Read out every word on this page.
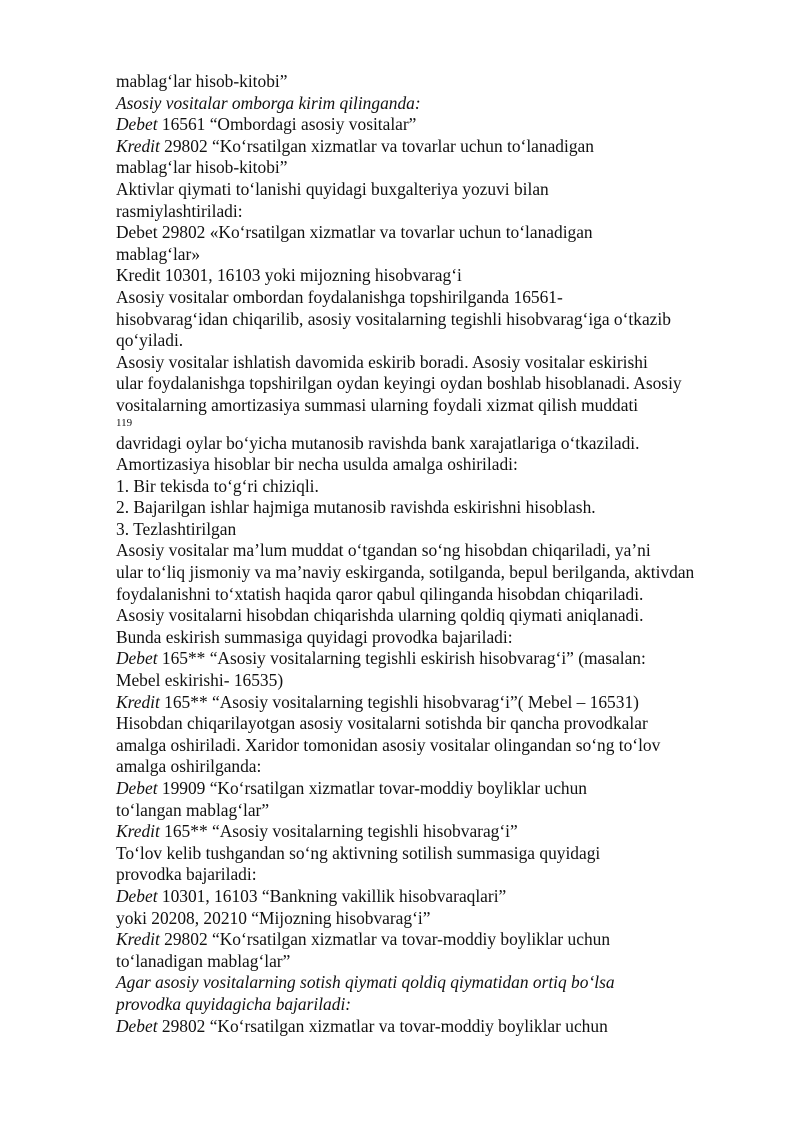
mablag‘lar hisob-kitobi”
Asosiy vositalar omborga kirim qilinganda:
Debet 16561 “Ombordagi asosiy vositalar”
Kredit 29802 “Ko‘rsatilgan xizmatlar va tovarlar uchun to‘lanadigan
mablag‘lar hisob-kitobi”
Aktivlar qiymati to‘lanishi quyidagi buxgalteriya yozuvi bilan
rasmiylashtiriladi:
Debet 29802 «Ko‘rsatilgan xizmatlar va tovarlar uchun to‘lanadigan
mablag‘lar»
Kredit 10301, 16103 yoki mijozning hisobvarag‘i
Asosiy vositalar ombordan foydalanishga topshirilganda 16561-
hisobvarag‘idan chiqarilib, asosiy vositalarning tegishli hisobvarag‘iga o‘tkazib
qo‘yiladi.
Asosiy vositalar ishlatish davomida eskirib boradi. Asosiy vositalar eskirishi
ular foydalanishga topshirilgan oydan keyingi oydan boshlab hisoblanadi. Asosiy
vositalarning amortizasiya summasi ularning foydali xizmat qilish muddati
119
davridagi oylar bo‘yicha mutanosib ravishda bank xarajatlariga o‘tkaziladi.
Amortizasiya hisoblar bir necha usulda amalga oshiriladi:
1. Bir tekisda to‘g‘ri chiziqli.
2. Bajarilgan ishlar hajmiga mutanosib ravishda eskirishni hisoblash.
3. Tezlashtirilgan
Asosiy vositalar ma’lum muddat o‘tgandan so‘ng hisobdan chiqariladi, ya’ni
ular to‘liq jismoniy va ma’naviy eskirganda, sotilganda, bepul berilganda, aktivdan
foydalanishni to‘xtatish haqida qaror qabul qilinganda hisobdan chiqariladi.
Asosiy vositalarni hisobdan chiqarishda ularning qoldiq qiymati aniqlanadi.
Bunda eskirish summasiga quyidagi provodka bajariladi:
Debet 165** “Asosiy vositalarning tegishli eskirish hisobvarag‘i” (masalan:
Mebel eskirishi- 16535)
Kredit 165** “Asosiy vositalarning tegishli hisobvarag‘i”( Mebel – 16531)
Hisobdan chiqarilayotgan asosiy vositalarni sotishda bir qancha provodkalar
amalga oshiriladi. Xaridor tomonidan asosiy vositalar olingandan so‘ng to‘lov
amalga oshirilganda:
Debet 19909 “Ko‘rsatilgan xizmatlar tovar-moddiy boyliklar uchun
to‘langan mablag‘lar”
Kredit 165** “Asosiy vositalarning tegishli hisobvarag‘i”
To‘lov kelib tushgandan so‘ng aktivning sotilish summasiga quyidagi
provodka bajariladi:
Debet 10301, 16103 “Bankning vakillik hisobvaraqlari”
yoki 20208, 20210 “Mijozning hisobvarag‘i”
Kredit 29802 “Ko‘rsatilgan xizmatlar va tovar-moddiy boyliklar uchun
to‘lanadigan mablag‘lar”
Agar asosiy vositalarning sotish qiymati qoldiq qiymatidan ortiq bo‘lsa
provodka quyidagicha bajariladi:
Debet 29802 “Ko‘rsatilgan xizmatlar va tovar-moddiy boyliklar uchun
